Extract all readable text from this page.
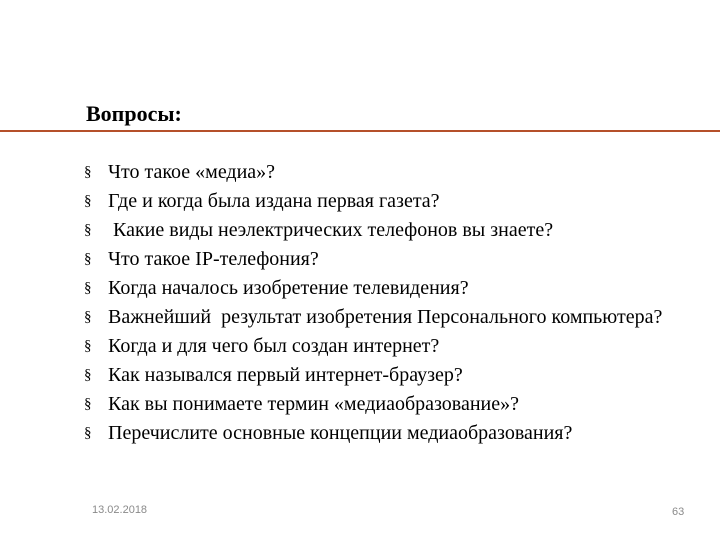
Вопросы:
§ Что такое «медиа»?
§ Где и когда была издана первая газета?
§ Какие виды неэлектрических телефонов вы знаете?
§ Что такое IP-телефония?
§ Когда началось изобретение телевидения?
§ Важнейший  результат изобретения Персонального компьютера?
§ Когда и для чего был создан интернет?
§ Как назывался первый интернет-браузер?
§ Как вы понимаете термин «медиаобразование»?
§ Перечислите основные концепции медиаобразования?
13.02.2018	63
